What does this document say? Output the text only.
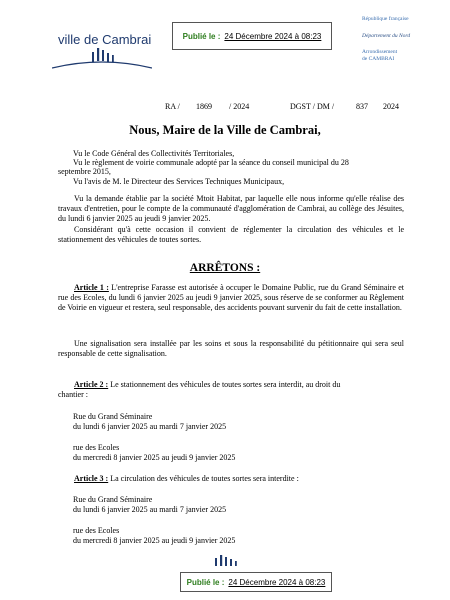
ville de Cambrai	Publié le : 24 Décembre 2024 à 08:23
République française
Département du Nord
Arrondissement
de CAMBRAI
RA / 1869 / 2024	DGST / DM /	837 2024
Nous, Maire de la Ville de Cambrai,
Vu le Code Général des Collectivités Territoriales,
Vu le règlement de voirie communale adopté par la séance du conseil municipal du 28
septembre 2015,
Vu l'avis de M. le Directeur des Services Techniques Municipaux,
Vu la demande établie par la société Mtoit Habitat, par laquelle elle nous informe qu'elle réalise des travaux d'entretien, pour le compte de la communauté d'agglomération de Cambrai, au collège des Jésuites, du lundi 6 janvier 2025 au jeudi 9 janvier 2025.
Considérant qu'à cette occasion il convient de réglementer la circulation des véhicules et le stationnement des véhicules de toutes sortes.
ARRÊTONS :
Article 1 : L'entreprise Farasse est autorisée à occuper le Domaine Public, rue du Grand Séminaire et rue des Ecoles, du lundi 6 janvier 2025 au jeudi 9 janvier 2025, sous réserve de se conformer au Règlement de Voirie en vigueur et restera, seul responsable, des accidents pouvant survenir du fait de cette installation.
Une signalisation sera installée par les soins et sous la responsabilité du pétitionnaire qui sera seul responsable de cette signalisation.
Article 2 : Le stationnement des véhicules de toutes sortes sera interdit, au droit du
chantier :
Rue du Grand Séminaire
du lundi 6 janvier 2025 au mardi 7 janvier 2025
rue des Ecoles
du mercredi 8 janvier 2025 au jeudi 9 janvier 2025
Article 3 : La circulation des véhicules de toutes sortes sera interdite :
Rue du Grand Séminaire
du lundi 6 janvier 2025 au mardi 7 janvier 2025
rue des Ecoles
du mercredi 8 janvier 2025 au jeudi 9 janvier 2025
Publié le : 24 Décembre 2024 à 08:23
